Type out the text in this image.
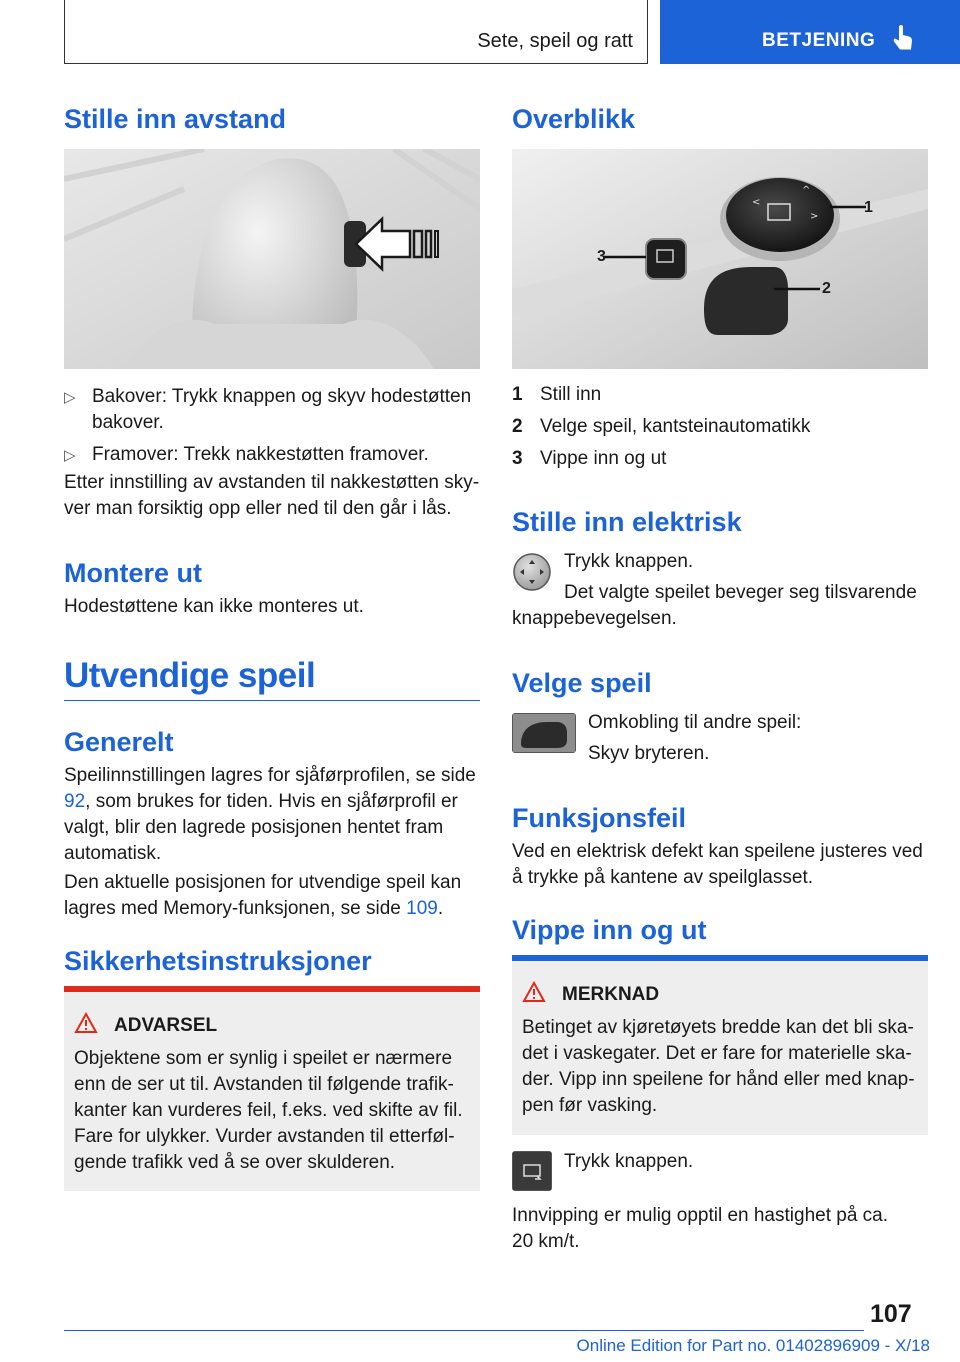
Sete, speil og ratt	BETJENING
Stille inn avstand
▷ Bakover: Trykk knappen og skyv hodestøtten bakover.
▷ Framover: Trekk nakkestøtten framover.

Etter innstilling av avstanden til nakkestøtten skyver man forsiktig opp eller ned til den går i lås.

Montere ut

Hodestøttene kan ikke monteres ut.

Utvendige speil
Generelt

Speilinnstillingen lagres for sjåførprofilen, se side 92, som brukes for tiden. Hvis en sjåførprofil er valgt, blir den lagrede posisjonen hentet fram automatisk.

Den aktuelle posisjonen for utvendige speil kan lagres med Memory-funksjonen, se side 109.

Sikkerhetsinstruksjoner
ADVARSEL

Objektene som er synlig i speilet er nærmere enn de ser ut til. Avstanden til følgende trafikkanter kan vurderes feil, f.eks. ved skifte av fil. Fare for ulykker. Vurder avstanden til etterfølgende trafikk ved å se over skulderen.

Overblikk
^
<
>
1
2
3
1 Still inn
2 Velge speil, kantsteinautomatikk
3 Vippe inn og ut
Stille inn elektrisk

Trykk knappen.

Det valgte speilet beveger seg tilsvarende knappebevegelsen.

Velge speil

Omkobling til andre speil:

Skyv bryteren.

Funksjonsfeil

Ved en elektrisk defekt kan speilene justeres ved å trykke på kantene av speilglasset.

Vippe inn og ut
MERKNAD

Betinget av kjøretøyets bredde kan det bli skadet i vaskegater. Det er fare for materielle skader. Vipp inn speilene for hånd eller med knappen før vasking.

Trykk knappen.

Innvipping er mulig opptil en hastighet på ca. 20 km/t.

107
Online Edition for Part no. 01402896909 - X/18
